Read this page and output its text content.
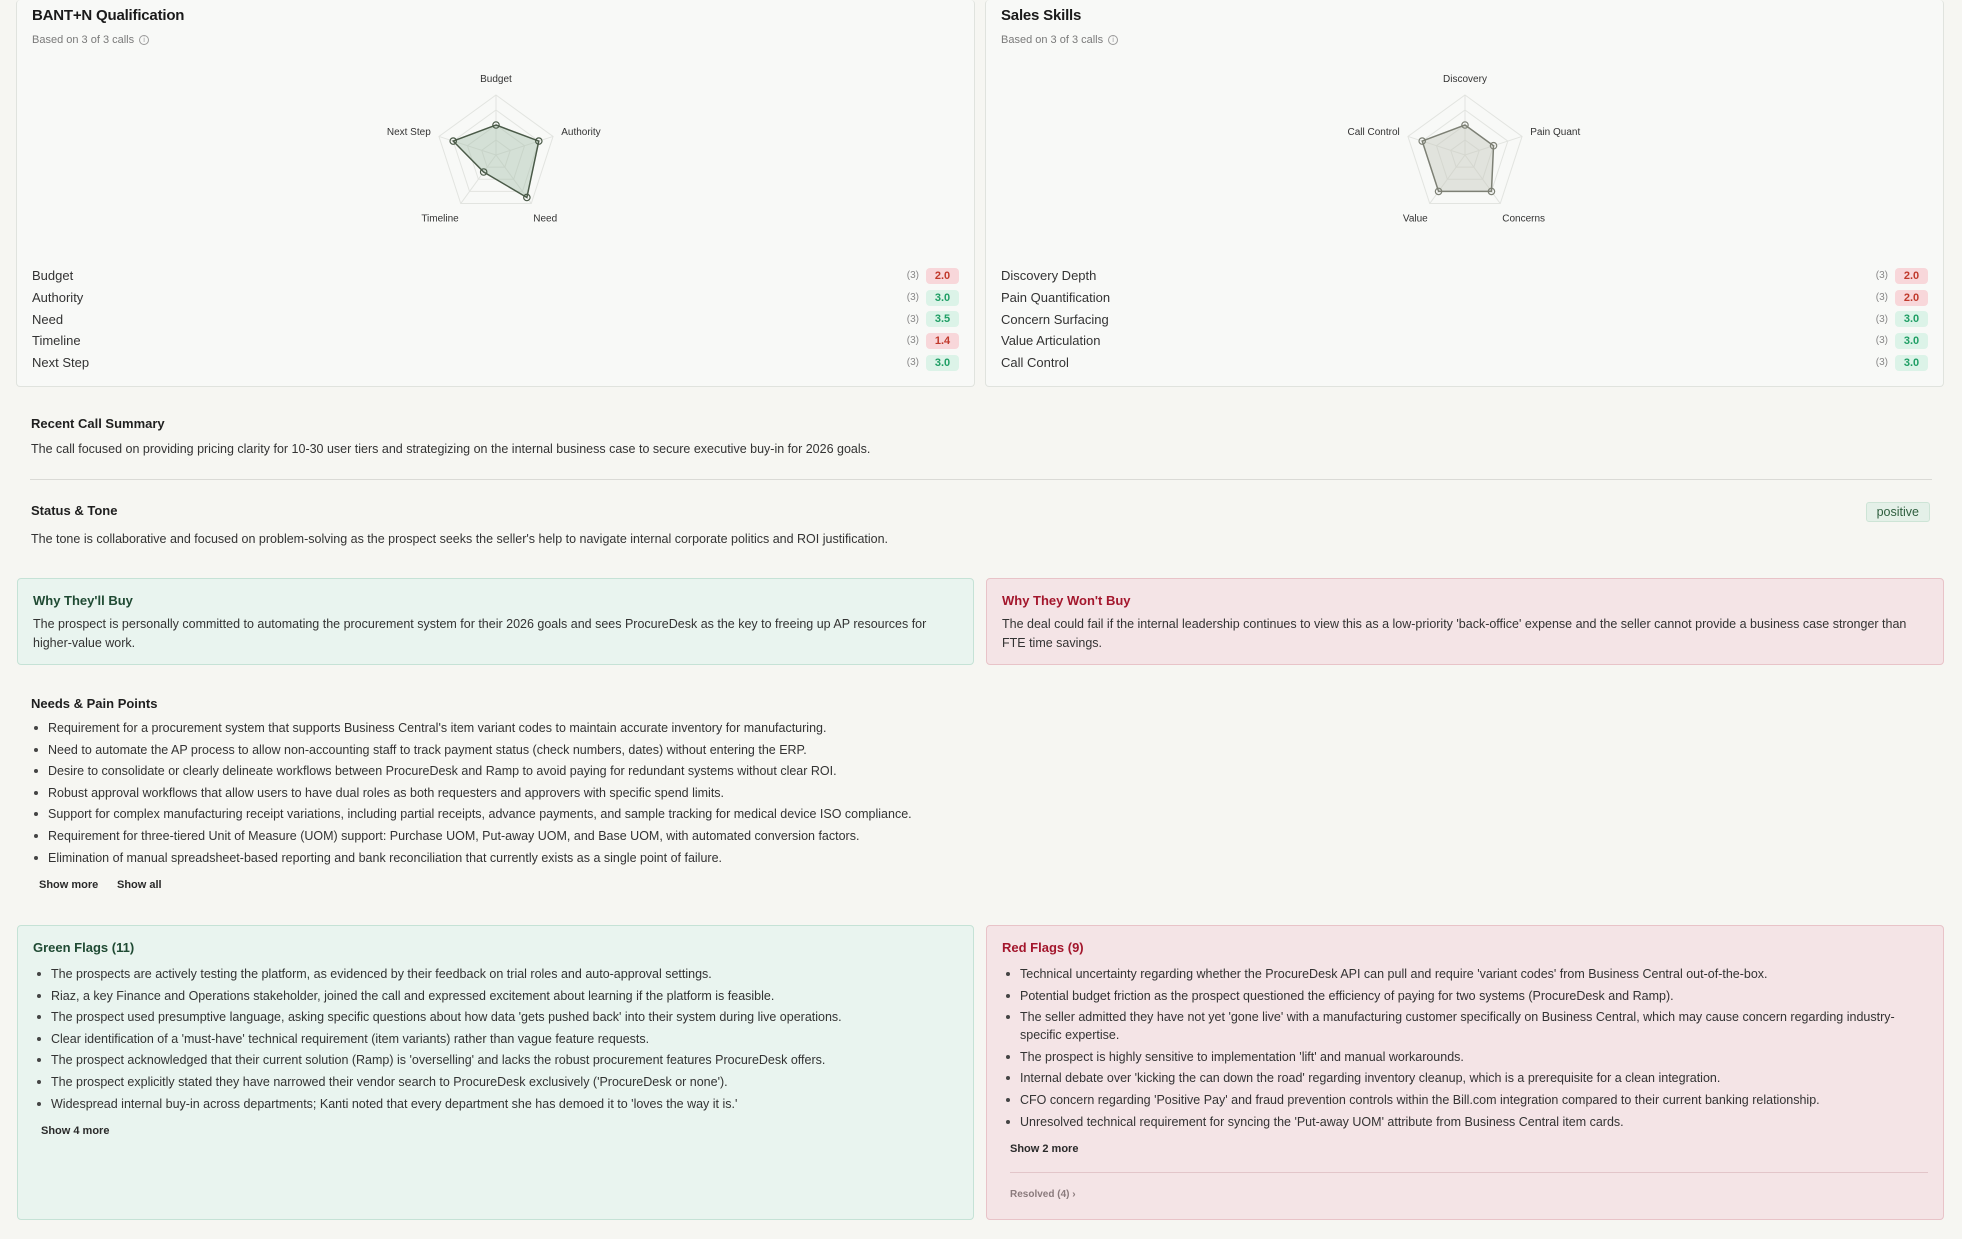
BANT+N Qualification
Based on 3 of 3 calls	i
Budget
Authority
Need
Timeline
Next Step
Budget	(3)	2.0
Authority	(3)	3.0
Need	(3)	3.5
Timeline	(3)	1.4
Next Step	(3)	3.0
Sales Skills
Based on 3 of 3 calls	i
Discovery
Pain Quant
Concerns
Value
Call Control
Discovery Depth	(3)	2.0
Pain Quantification	(3)	2.0
Concern Surfacing	(3)	3.0
Value Articulation	(3)	3.0
Call Control	(3)	3.0
Recent Call Summary
The call focused on providing pricing clarity for 10-30 user tiers and strategizing on the internal business case to secure executive buy-in for 2026 goals.
Status & Tone	positive
The tone is collaborative and focused on problem-solving as the prospect seeks the seller's help to navigate internal corporate politics and ROI justification.
Why They'll Buy
The prospect is personally committed to automating the procurement system for their 2026 goals and sees ProcureDesk as the key to freeing up AP resources for higher-value work.
Why They Won't Buy
The deal could fail if the internal leadership continues to view this as a low-priority 'back-office' expense and the seller cannot provide a business case stronger than FTE time savings.
Needs & Pain Points
Requirement for a procurement system that supports Business Central's item variant codes to maintain accurate inventory for manufacturing.
Need to automate the AP process to allow non-accounting staff to track payment status (check numbers, dates) without entering the ERP.
Desire to consolidate or clearly delineate workflows between ProcureDesk and Ramp to avoid paying for redundant systems without clear ROI.
Robust approval workflows that allow users to have dual roles as both requesters and approvers with specific spend limits.
Support for complex manufacturing receipt variations, including partial receipts, advance payments, and sample tracking for medical device ISO compliance.
Requirement for three-tiered Unit of Measure (UOM) support: Purchase UOM, Put-away UOM, and Base UOM, with automated conversion factors.
Elimination of manual spreadsheet-based reporting and bank reconciliation that currently exists as a single point of failure.
Show more Show all
Green Flags (11)
The prospects are actively testing the platform, as evidenced by their feedback on trial roles and auto-approval settings.
Riaz, a key Finance and Operations stakeholder, joined the call and expressed excitement about learning if the platform is feasible.
The prospect used presumptive language, asking specific questions about how data 'gets pushed back' into their system during live operations.
Clear identification of a 'must-have' technical requirement (item variants) rather than vague feature requests.
The prospect acknowledged that their current solution (Ramp) is 'overselling' and lacks the robust procurement features ProcureDesk offers.
The prospect explicitly stated they have narrowed their vendor search to ProcureDesk exclusively ('ProcureDesk or none').
Widespread internal buy-in across departments; Kanti noted that every department she has demoed it to 'loves the way it is.'
Show 4 more
Red Flags (9)
Technical uncertainty regarding whether the ProcureDesk API can pull and require 'variant codes' from Business Central out-of-the-box.
Potential budget friction as the prospect questioned the efficiency of paying for two systems (ProcureDesk and Ramp).
The seller admitted they have not yet 'gone live' with a manufacturing customer specifically on Business Central, which may cause concern regarding industry-specific expertise.
The prospect is highly sensitive to implementation 'lift' and manual workarounds.
Internal debate over 'kicking the can down the road' regarding inventory cleanup, which is a prerequisite for a clean integration.
CFO concern regarding 'Positive Pay' and fraud prevention controls within the Bill.com integration compared to their current banking relationship.
Unresolved technical requirement for syncing the 'Put-away UOM' attribute from Business Central item cards.
Show 2 more
Resolved (4) ›
